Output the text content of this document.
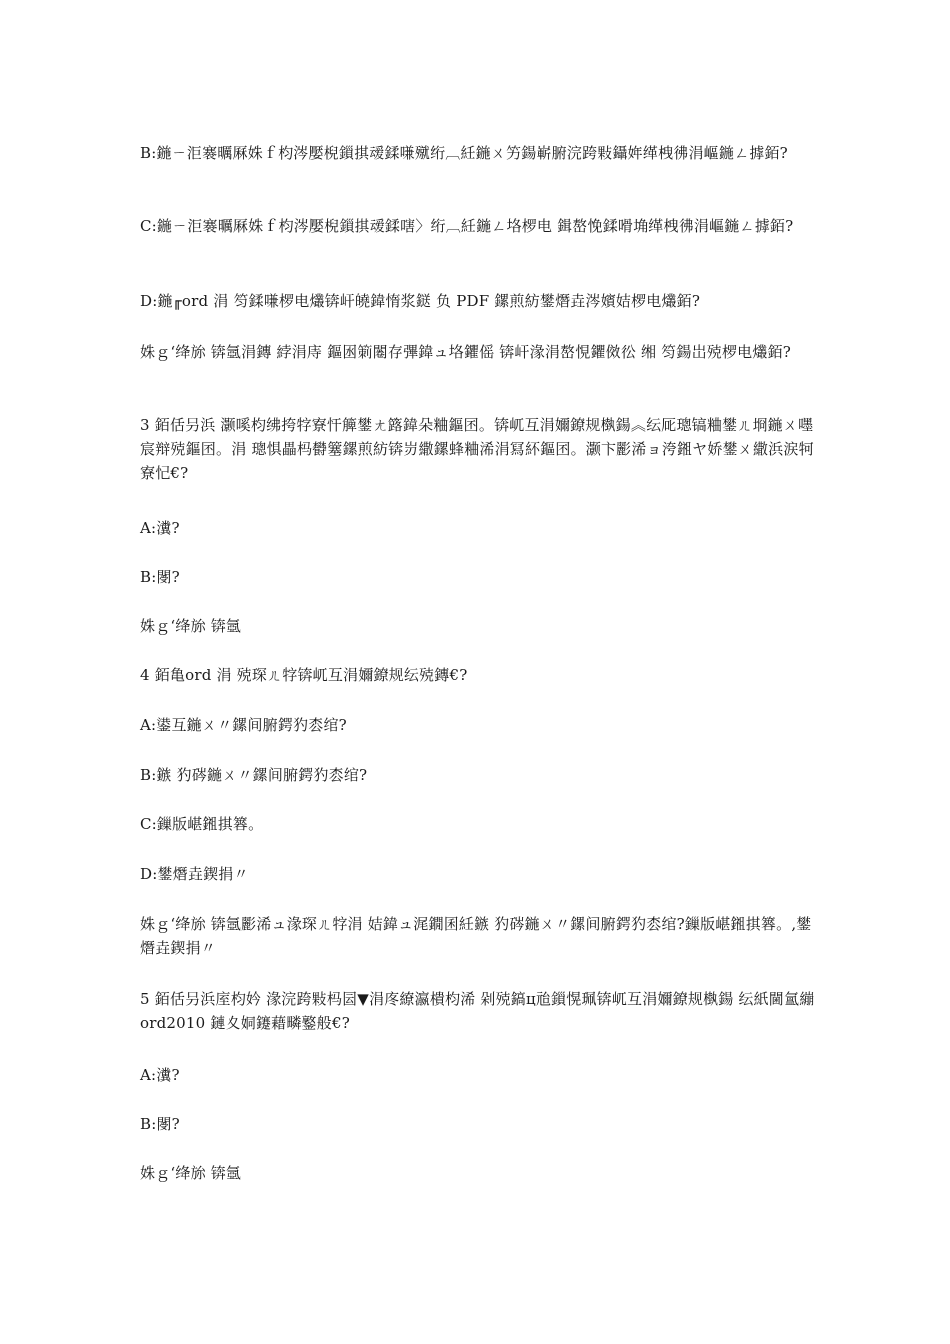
B:鍦ㄧ洰褰曞厤姝ｆ枃涔嬮棿鎻掑叆鍒嗛殧绗︹紝鍦ㄨ竻鍚嶄腑浣跨敤鑷姩缂栧彿涓嶇鍦ㄥ摢銆?

C:鍦ㄧ洰褰曞厤姝ｆ枃涔嬮棿鎻掑叆鍒嗐〉绗︹紝鍦ㄥ垎椤电 鍓嶅悗鍒嗗埆缂栧彿涓嶇鍦ㄥ摢銆?

D:鍦╓ord 涓 笉鍒嗛椤电爜锛屽皢鍏惰浆鎹 负 PDF 鏍煎紡鐢熸垚涔嬪姞椤电爜銆?

姝ｇ‘绛旀 锛氬涓鏄 綍涓庤 鏂囦箣闂存彃鍏ュ垎鑺傜 锛屽湪涓嶅悓鑺傚彸 缃 笉鍚岀殑椤电爜銆?

3 銆佸叧浜 灏嗘枃绋挎牸寮忓簲鐢ㄤ簬鍏朵粬鏂囨。锛屼互涓嬭鐐规槸鍚︽纭厑璁镐粬鐢ㄦ埛鍦ㄨ嚜宸辩殑鏂囨。涓 璁惧畾杩欎簺鏍煎紡锛岃繖鏍蜂粬浠涓冩紑鏂囨。灏卞彲浠ョ洿鎺ヤ娇鐢ㄨ繖浜涙牱寮忋€?

A:瀵?

B:閿?

姝ｇ‘绛旀 锛氬

4 銆亀ord 涓 殑琛ㄦ牸锛屼互涓嬭鐐规纭殑鏄€?

A:鍙互鍦ㄨ〃鏍间腑鍔犳枩绾?

B:鏃 犳硶鍦ㄨ〃鏍间腑鍔犳枩绾?

C:鏁版嵁鎺掑簭。

D:鐢熸垚鍥捐〃

姝ｇ‘绛旀 锛氬彲浠ュ湪琛ㄦ牸涓 姞鍏ュ浘鐗囷紝鏃 犳硶鍦ㄨ〃鏍间腑鍔犳枩绾?鏁版嵁鎺掑簭。,鐢熸垚鍥捐〃

5 銆佸叧浜庢枃妗 湪浣跨敤杩囩▼涓庝繚瀛樻枃浠 剁殑鎬ц兘鎻愰珮锛屼互涓嬭鐐规槸鍚 纭紙閫氳繃 ord2010 鏈夊姛鑳藉疄鐜般€?

A:瀵?

B:閿?

姝ｇ‘绛旀 锛氬
